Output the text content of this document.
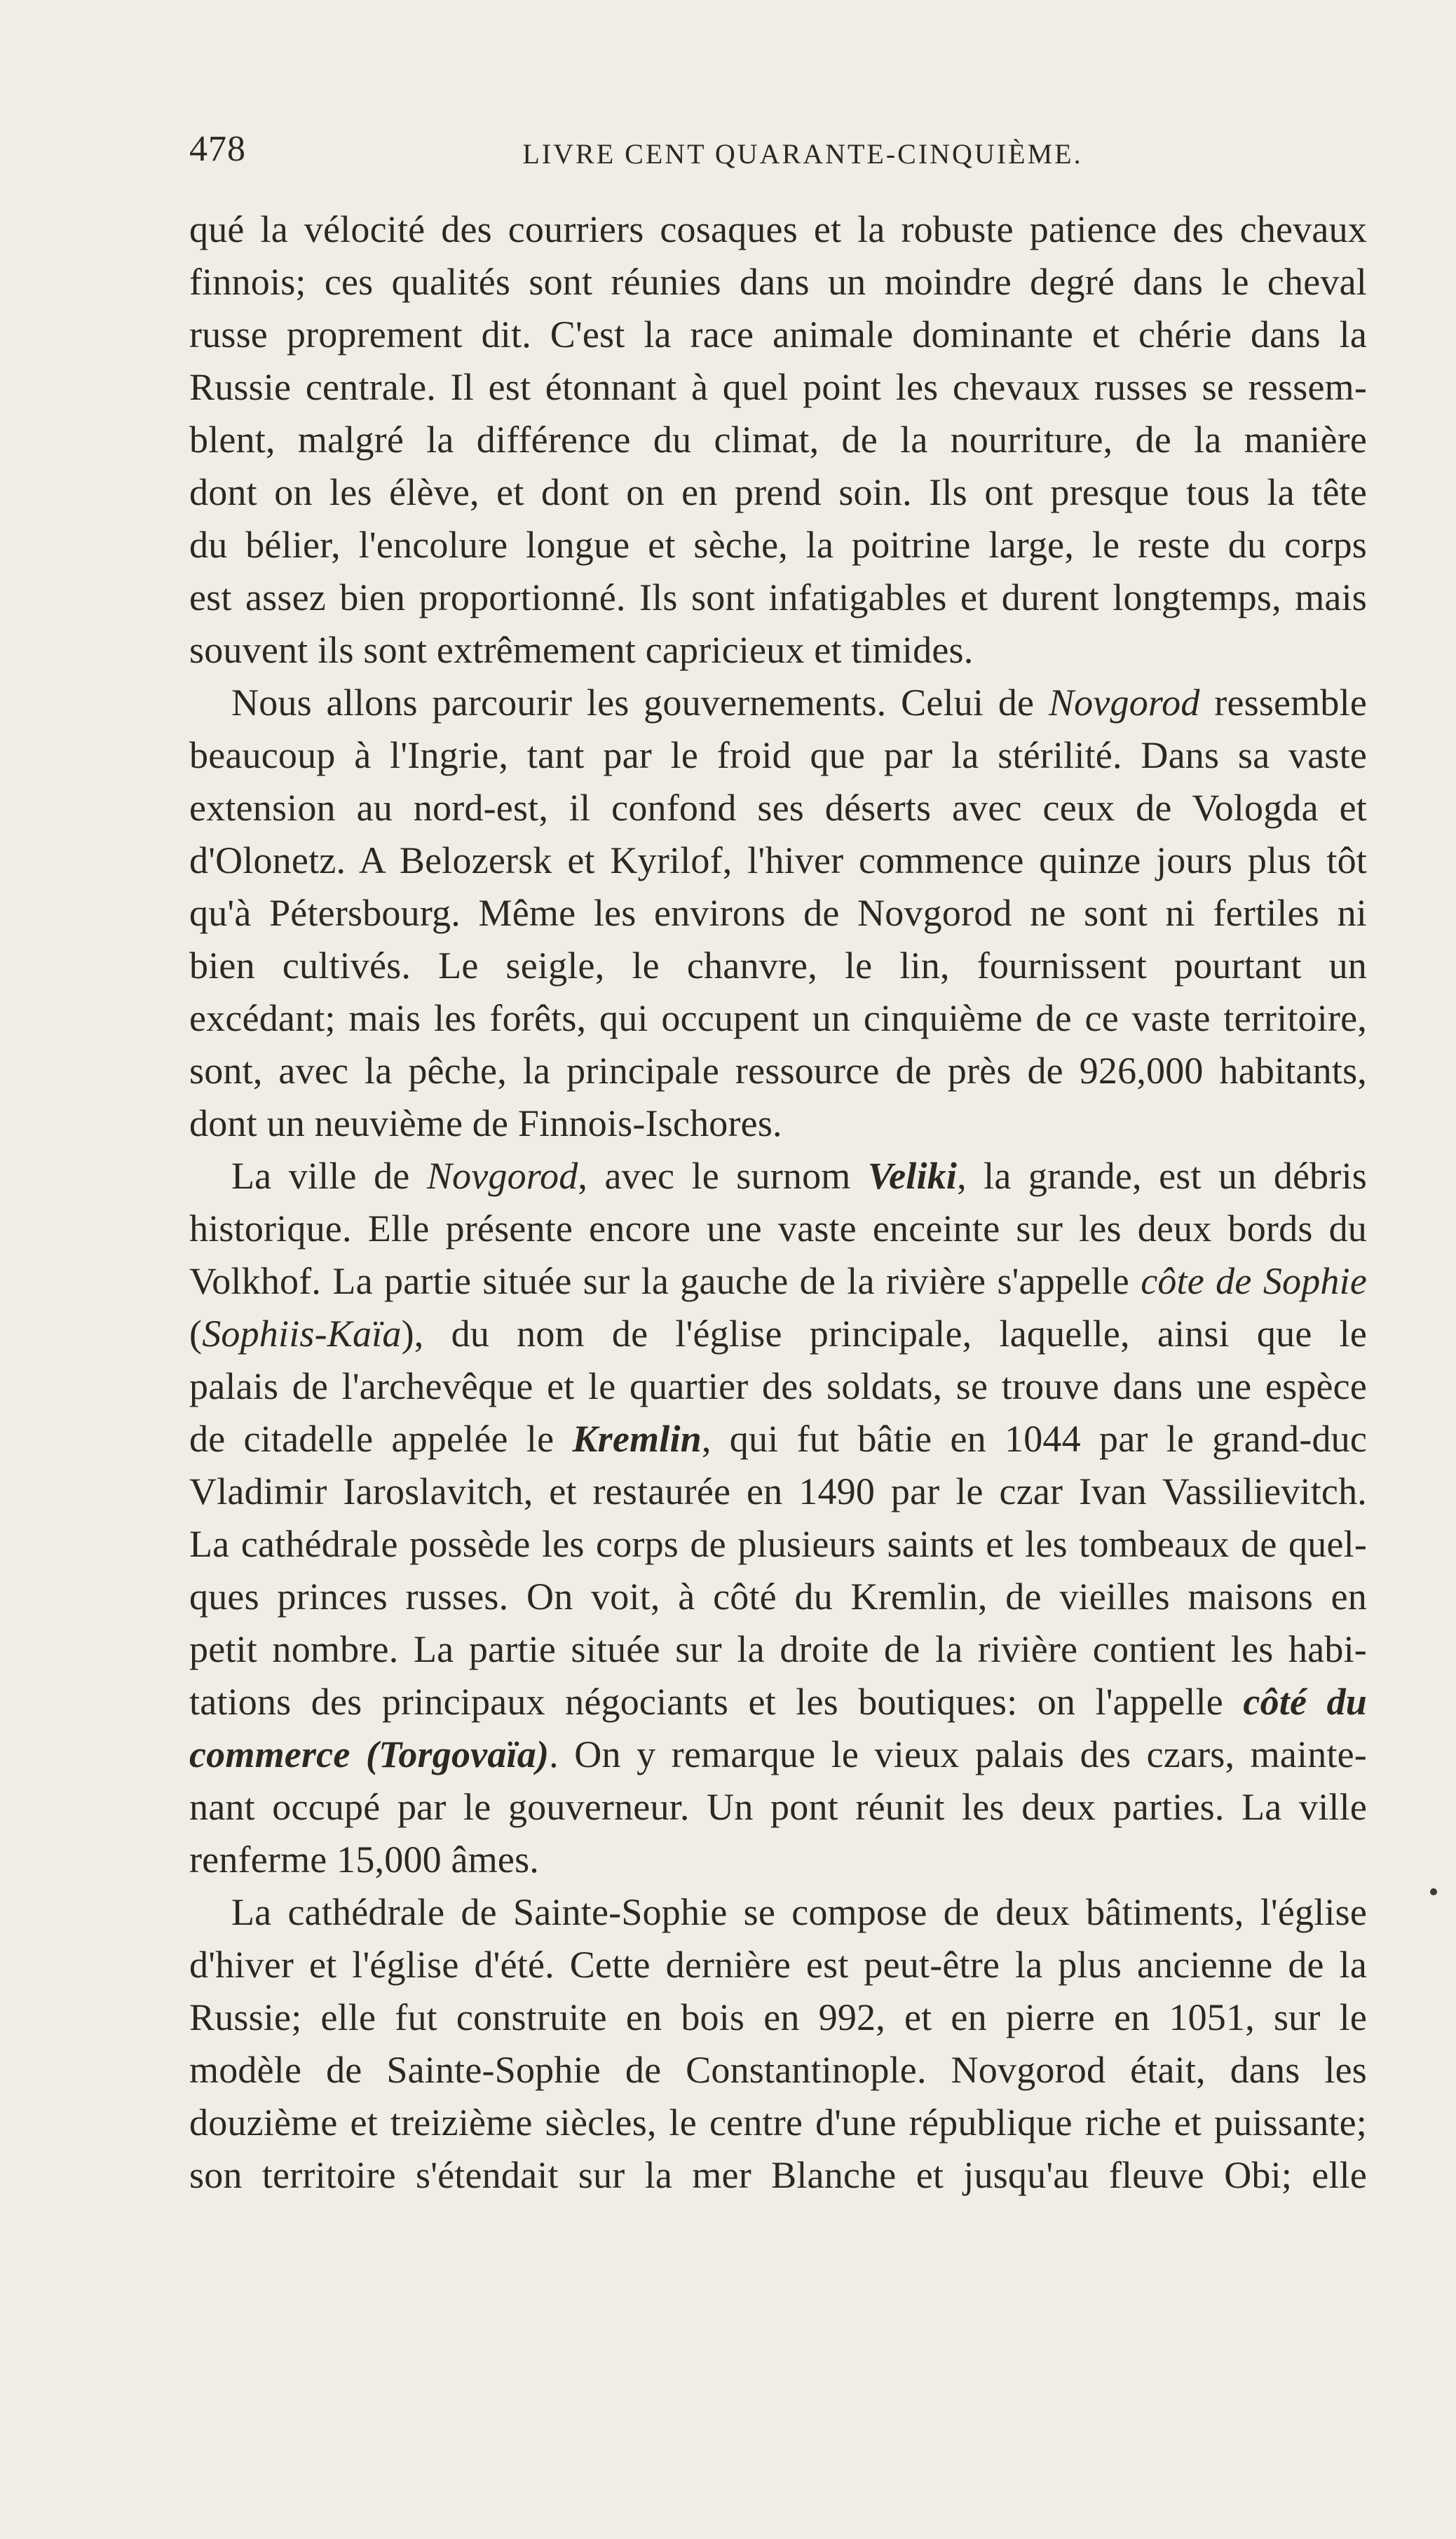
478	LIVRE CENT QUARANTE-CINQUIÈME.
qué la vélocité des courriers cosaques et la robuste patience des chevaux
finnois; ces qualités sont réunies dans un moindre degré dans le cheval
russe proprement dit. C'est la race animale dominante et chérie dans la
Russie centrale. Il est étonnant à quel point les chevaux russes se ressem-
blent, malgré la différence du climat, de la nourriture, de la manière
dont on les élève, et dont on en prend soin. Ils ont presque tous la tête
du bélier, l'encolure longue et sèche, la poitrine large, le reste du corps
est assez bien proportionné. Ils sont infatigables et durent longtemps, mais
souvent ils sont extrêmement capricieux et timides.
Nous allons parcourir les gouvernements. Celui de Novgorod ressemble
beaucoup à l'Ingrie, tant par le froid que par la stérilité. Dans sa vaste
extension au nord-est, il confond ses déserts avec ceux de Vologda et
d'Olonetz. A Belozersk et Kyrilof, l'hiver commence quinze jours plus tôt
qu'à Pétersbourg. Même les environs de Novgorod ne sont ni fertiles ni
bien cultivés. Le seigle, le chanvre, le lin, fournissent pourtant un
excédant; mais les forêts, qui occupent un cinquième de ce vaste territoire,
sont, avec la pêche, la principale ressource de près de 926,000 habitants,
dont un neuvième de Finnois-Ischores.
La ville de Novgorod, avec le surnom Veliki, la grande, est un débris
historique. Elle présente encore une vaste enceinte sur les deux bords du
Volkhof. La partie située sur la gauche de la rivière s'appelle côte de Sophie
(Sophiis-Kaïa), du nom de l'église principale, laquelle, ainsi que le
palais de l'archevêque et le quartier des soldats, se trouve dans une espèce
de citadelle appelée le Kremlin, qui fut bâtie en 1044 par le grand-duc
Vladimir Iaroslavitch, et restaurée en 1490 par le czar Ivan Vassilievitch.
La cathédrale possède les corps de plusieurs saints et les tombeaux de quel-
ques princes russes. On voit, à côté du Kremlin, de vieilles maisons en
petit nombre. La partie située sur la droite de la rivière contient les habi-
tations des principaux négociants et les boutiques: on l'appelle côté du
commerce (Torgovaïa). On y remarque le vieux palais des czars, mainte-
nant occupé par le gouverneur. Un pont réunit les deux parties. La ville
renferme 15,000 âmes.
La cathédrale de Sainte-Sophie se compose de deux bâtiments, l'église
d'hiver et l'église d'été. Cette dernière est peut-être la plus ancienne de la
Russie; elle fut construite en bois en 992, et en pierre en 1051, sur le
modèle de Sainte-Sophie de Constantinople. Novgorod était, dans les
douzième et treizième siècles, le centre d'une république riche et puissante;
son territoire s'étendait sur la mer Blanche et jusqu'au fleuve Obi; elle
